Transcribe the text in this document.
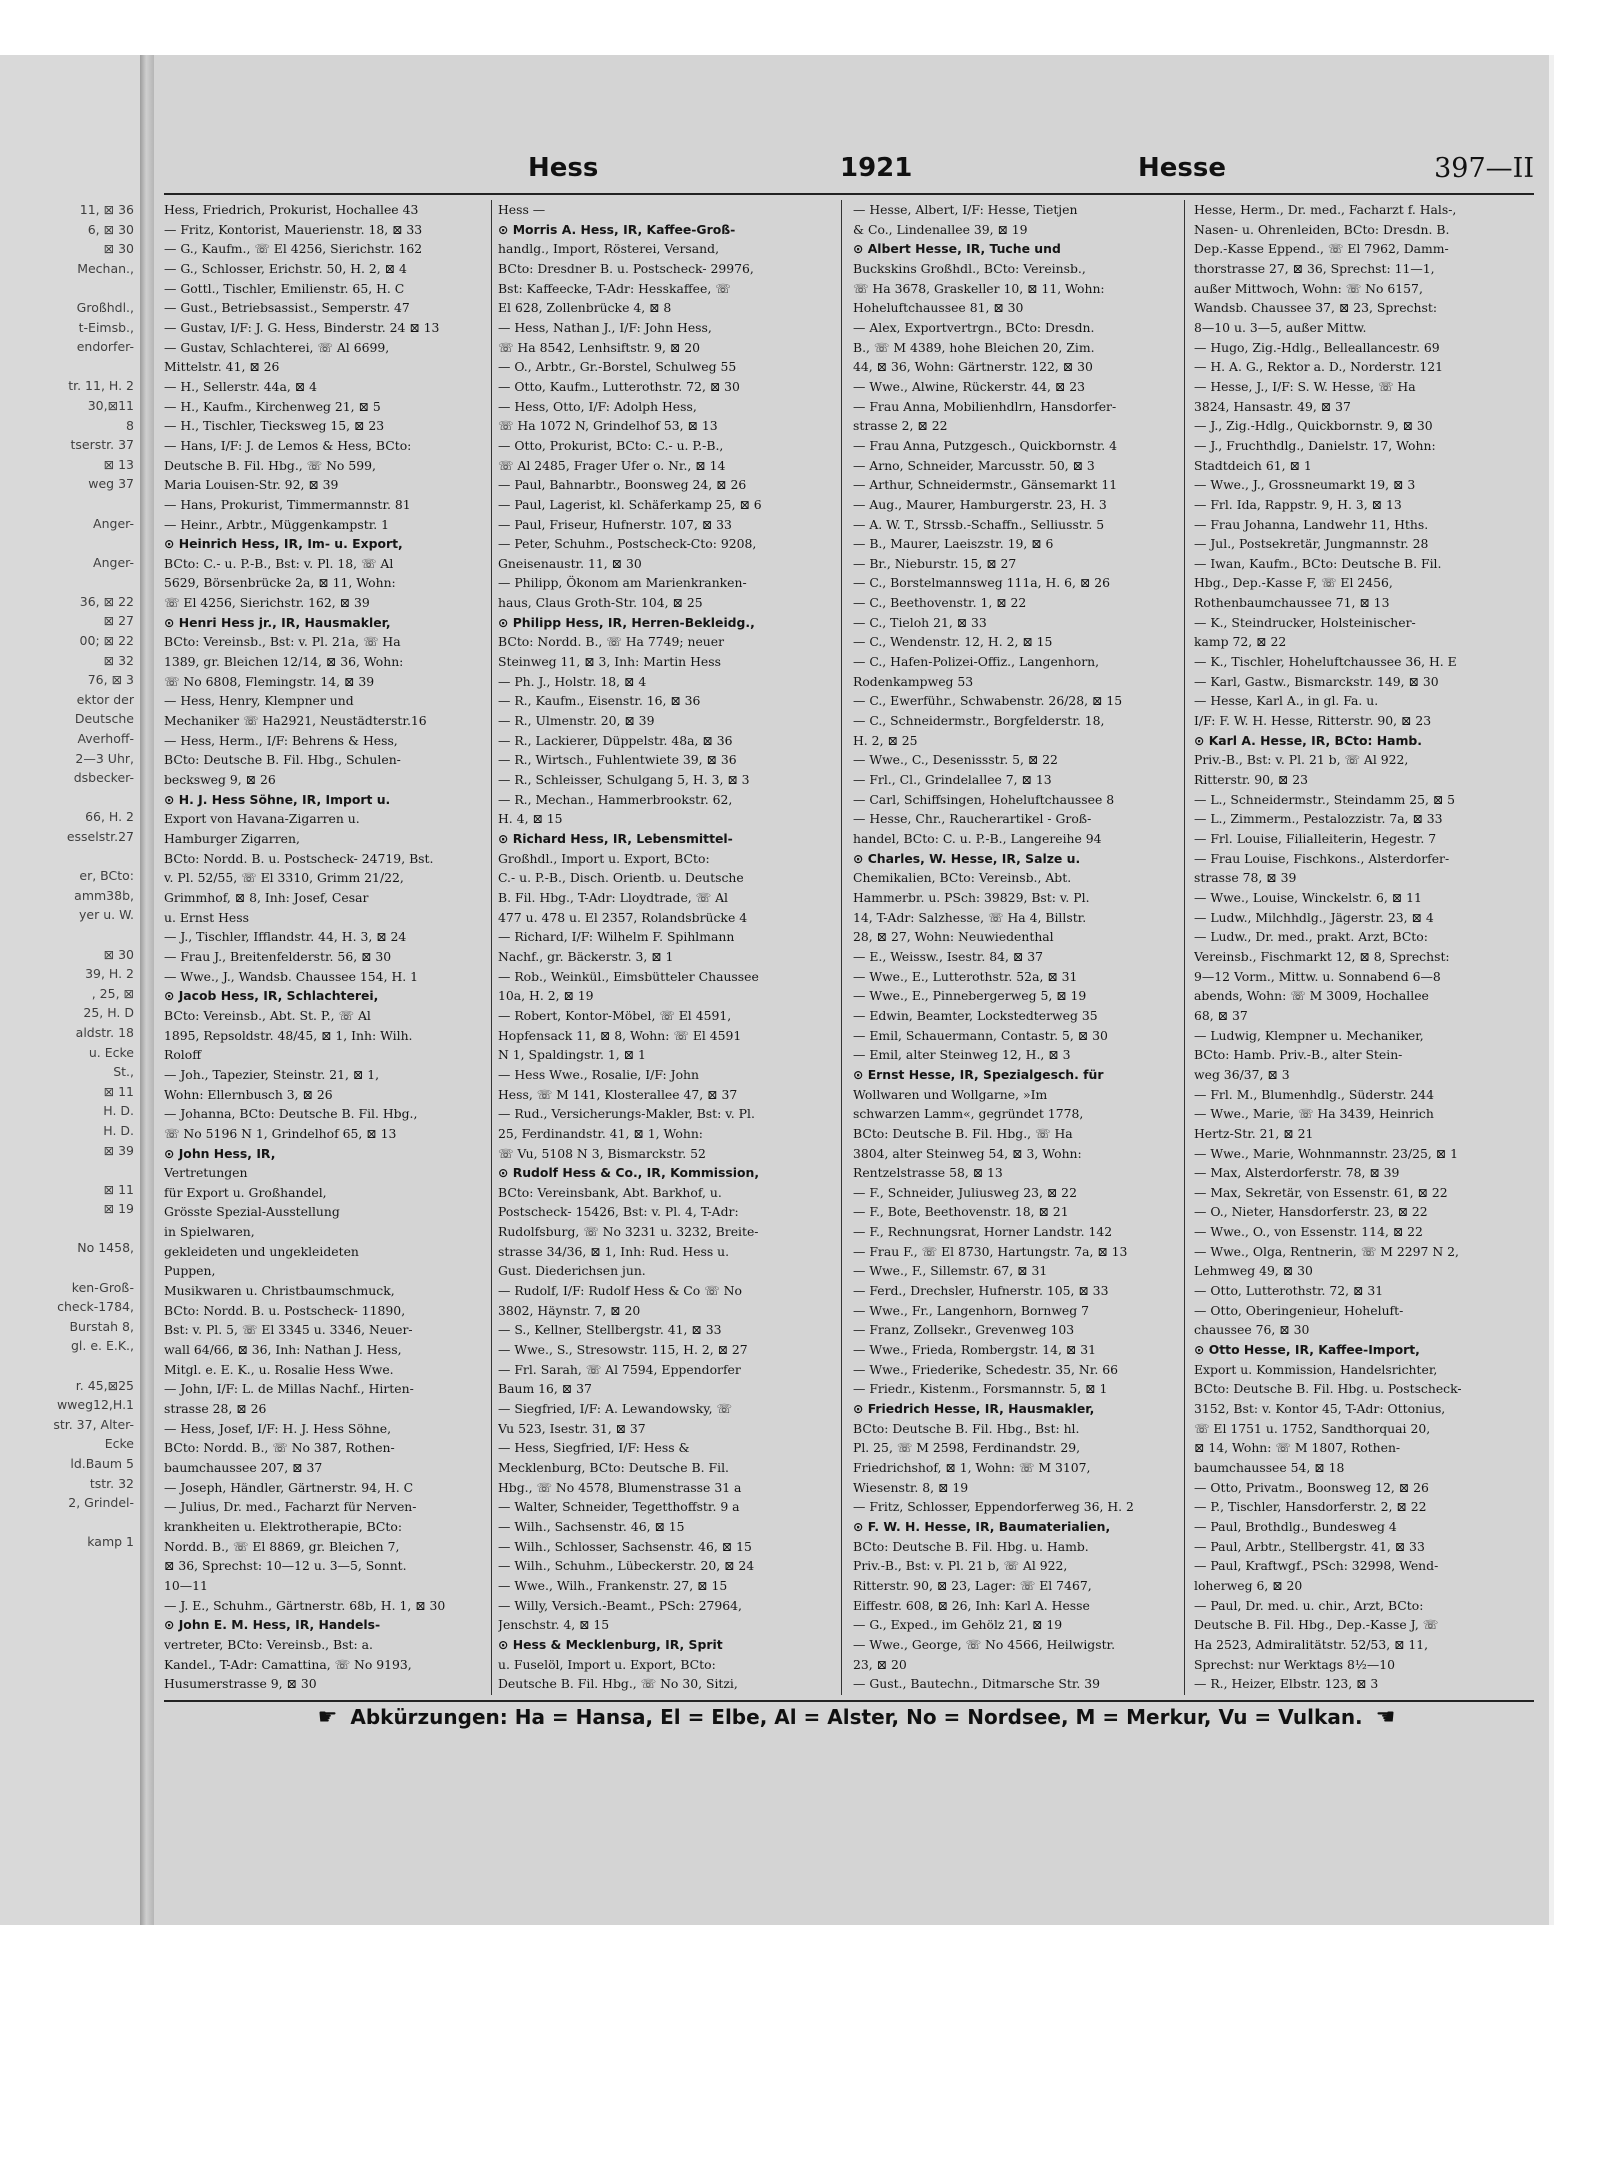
11, ⊠ 36
6, ⊠ 30
⊠ 30
Mechan.,

Großhdl.,
t-Eimsb.,
endorfer-

tr. 11, H. 2
30,⊠11
8
tserstr. 37
⊠ 13
weg 37

Anger-

Anger-

36, ⊠ 22
⊠ 27
00; ⊠ 22
⊠ 32
76, ⊠ 3
ektor der
Deutsche
Averhoff-
2—3 Uhr,
dsbecker-

66, H. 2
esselstr.27

er, BCto:
amm38b,
yer u. W.

⊠ 30
39, H. 2
, 25, ⊠
25, H. D
aldstr. 18
u. Ecke
St.,
⊠ 11
H. D.
H. D.
⊠ 39

⊠ 11
⊠ 19

No 1458,

ken-Groß-
check-1784,
Burstah 8,
gl. e. E.K.,

r. 45,⊠25
wweg12,H.1
str. 37, Alter-
Ecke
ld.Baum 5
tstr. 32
2, Grindel-

kamp 1
Hess	1921	Hesse	397—II
Hess, Friedrich, Prokurist, Hochallee 43
— Fritz, Kontorist, Mauerienstr. 18, ⊠ 33
— G., Kaufm., ☏ El 4256, Sierichstr. 162
— G., Schlosser, Erichstr. 50, H. 2, ⊠ 4
— Gottl., Tischler, Emilienstr. 65, H. C
— Gust., Betriebsassist., Semperstr. 47
— Gustav, I/F: J. G. Hess, Binderstr. 24 ⊠ 13
— Gustav, Schlachterei, ☏ Al 6699,
Mittelstr. 41, ⊠ 26
— H., Sellerstr. 44a, ⊠ 4
— H., Kaufm., Kirchenweg 21, ⊠ 5
— H., Tischler, Tiecksweg 15, ⊠ 23
— Hans, I/F: J. de Lemos & Hess, BCto:
Deutsche B. Fil. Hbg., ☏ No 599,
Maria Louisen-Str. 92, ⊠ 39
— Hans, Prokurist, Timmermannstr. 81
— Heinr., Arbtr., Müggenkampstr. 1
⊙ Heinrich Hess, IR, Im- u. Export,
BCto: C.- u. P.-B., Bst: v. Pl. 18, ☏ Al
5629, Börsenbrücke 2a, ⊠ 11, Wohn:
☏ El 4256, Sierichstr. 162, ⊠ 39
⊙ Henri Hess jr., IR, Hausmakler,
BCto: Vereinsb., Bst: v. Pl. 21a, ☏ Ha
1389, gr. Bleichen 12/14, ⊠ 36, Wohn:
☏ No 6808, Flemingstr. 14, ⊠ 39
— Hess, Henry, Klempner und
Mechaniker ☏ Ha2921, Neustädterstr.16
— Hess, Herm., I/F: Behrens & Hess,
BCto: Deutsche B. Fil. Hbg., Schulen-
becksweg 9, ⊠ 26
⊙ H. J. Hess Söhne, IR, Import u.
Export von Havana-Zigarren u.
Hamburger Zigarren,
BCto: Nordd. B. u. Postscheck- 24719, Bst.
v. Pl. 52/55, ☏ El 3310, Grimm 21/22,
Grimmhof, ⊠ 8, Inh: Josef, Cesar
u. Ernst Hess
— J., Tischler, Ifflandstr. 44, H. 3, ⊠ 24
— Frau J., Breitenfelderstr. 56, ⊠ 30
— Wwe., J., Wandsb. Chaussee 154, H. 1
⊙ Jacob Hess, IR, Schlachterei,
BCto: Vereinsb., Abt. St. P., ☏ Al
1895, Repsoldstr. 48/45, ⊠ 1, Inh: Wilh.
Roloff
— Joh., Tapezier, Steinstr. 21, ⊠ 1,
Wohn: Ellernbusch 3, ⊠ 26
— Johanna, BCto: Deutsche B. Fil. Hbg.,
☏ No 5196 N 1, Grindelhof 65, ⊠ 13
⊙ John Hess, IR,
Vertretungen
für Export u. Großhandel,
Grösste Spezial-Ausstellung
in Spielwaren,
gekleideten und ungekleideten
Puppen,
Musikwaren u. Christbaumschmuck,
BCto: Nordd. B. u. Postscheck- 11890,
Bst: v. Pl. 5, ☏ El 3345 u. 3346, Neuer-
wall 64/66, ⊠ 36, Inh: Nathan J. Hess,
Mitgl. e. E. K., u. Rosalie Hess Wwe.
— John, I/F: L. de Millas Nachf., Hirten-
strasse 28, ⊠ 26
— Hess, Josef, I/F: H. J. Hess Söhne,
BCto: Nordd. B., ☏ No 387, Rothen-
baumchaussee 207, ⊠ 37
— Joseph, Händler, Gärtnerstr. 94, H. C
— Julius, Dr. med., Facharzt für Nerven-
krankheiten u. Elektrotherapie, BCto:
Nordd. B., ☏ El 8869, gr. Bleichen 7,
⊠ 36, Sprechst: 10—12 u. 3—5, Sonnt.
10—11
— J. E., Schuhm., Gärtnerstr. 68b, H. 1, ⊠ 30
⊙ John E. M. Hess, IR, Handels-
vertreter, BCto: Vereinsb., Bst: a.
Kandel., T-Adr: Camattina, ☏ No 9193,
Husumerstrasse 9, ⊠ 30
Hess —
⊙ Morris A. Hess, IR, Kaffee-Groß-
handlg., Import, Rösterei, Versand,
BCto: Dresdner B. u. Postscheck- 29976,
Bst: Kaffeecke, T-Adr: Hesskaffee, ☏
El 628, Zollenbrücke 4, ⊠ 8
— Hess, Nathan J., I/F: John Hess,
☏ Ha 8542, Lenhsiftstr. 9, ⊠ 20
— O., Arbtr., Gr.-Borstel, Schulweg 55
— Otto, Kaufm., Lutterothstr. 72, ⊠ 30
— Hess, Otto, I/F: Adolph Hess,
☏ Ha 1072 N, Grindelhof 53, ⊠ 13
— Otto, Prokurist, BCto: C.- u. P.-B.,
☏ Al 2485, Frager Ufer o. Nr., ⊠ 14
— Paul, Bahnarbtr., Boonsweg 24, ⊠ 26
— Paul, Lagerist, kl. Schäferkamp 25, ⊠ 6
— Paul, Friseur, Hufnerstr. 107, ⊠ 33
— Peter, Schuhm., Postscheck-Cto: 9208,
Gneisenaustr. 11, ⊠ 30
— Philipp, Ökonom am Marienkranken-
haus, Claus Groth-Str. 104, ⊠ 25
⊙ Philipp Hess, IR, Herren-Bekleidg.,
BCto: Nordd. B., ☏ Ha 7749; neuer
Steinweg 11, ⊠ 3, Inh: Martin Hess
— Ph. J., Holstr. 18, ⊠ 4
— R., Kaufm., Eisenstr. 16, ⊠ 36
— R., Ulmenstr. 20, ⊠ 39
— R., Lackierer, Düppelstr. 48a, ⊠ 36
— R., Wirtsch., Fuhlentwiete 39, ⊠ 36
— R., Schleisser, Schulgang 5, H. 3, ⊠ 3
— R., Mechan., Hammerbrookstr. 62,
H. 4, ⊠ 15
⊙ Richard Hess, IR, Lebensmittel-
Großhdl., Import u. Export, BCto:
C.- u. P.-B., Disch. Orientb. u. Deutsche
B. Fil. Hbg., T-Adr: Lloydtrade, ☏ Al
477 u. 478 u. El 2357, Rolandsbrücke 4
— Richard, I/F: Wilhelm F. Spihlmann
Nachf., gr. Bäckerstr. 3, ⊠ 1
— Rob., Weinkül., Eimsbütteler Chaussee
10a, H. 2, ⊠ 19
— Robert, Kontor-Möbel, ☏ El 4591,
Hopfensack 11, ⊠ 8, Wohn: ☏ El 4591
N 1, Spaldingstr. 1, ⊠ 1
— Hess Wwe., Rosalie, I/F: John
Hess, ☏ M 141, Klosterallee 47, ⊠ 37
— Rud., Versicherungs-Makler, Bst: v. Pl.
25, Ferdinandstr. 41, ⊠ 1, Wohn:
☏ Vu, 5108 N 3, Bismarckstr. 52
⊙ Rudolf Hess & Co., IR, Kommission,
BCto: Vereinsbank, Abt. Barkhof, u.
Postscheck- 15426, Bst: v. Pl. 4, T-Adr:
Rudolfsburg, ☏ No 3231 u. 3232, Breite-
strasse 34/36, ⊠ 1, Inh: Rud. Hess u.
Gust. Diederichsen jun.
— Rudolf, I/F: Rudolf Hess & Co ☏ No
3802, Häynstr. 7, ⊠ 20
— S., Kellner, Stellbergstr. 41, ⊠ 33
— Wwe., S., Stresowstr. 115, H. 2, ⊠ 27
— Frl. Sarah, ☏ Al 7594, Eppendorfer
Baum 16, ⊠ 37
— Siegfried, I/F: A. Lewandowsky, ☏
Vu 523, Isestr. 31, ⊠ 37
— Hess, Siegfried, I/F: Hess &
Mecklenburg, BCto: Deutsche B. Fil.
Hbg., ☏ No 4578, Blumenstrasse 31 a
— Walter, Schneider, Tegetthoffstr. 9 a
— Wilh., Sachsenstr. 46, ⊠ 15
— Wilh., Schlosser, Sachsenstr. 46, ⊠ 15
— Wilh., Schuhm., Lübeckerstr. 20, ⊠ 24
— Wwe., Wilh., Frankenstr. 27, ⊠ 15
— Willy, Versich.-Beamt., PSch: 27964,
Jenschstr. 4, ⊠ 15
⊙ Hess & Mecklenburg, IR, Sprit
u. Fuselöl, Import u. Export, BCto:
Deutsche B. Fil. Hbg., ☏ No 30, Sitzi,
— Hesse, Albert, I/F: Hesse, Tietjen
& Co., Lindenallee 39, ⊠ 19
⊙ Albert Hesse, IR, Tuche und
Buckskins Großhdl., BCto: Vereinsb.,
☏ Ha 3678, Graskeller 10, ⊠ 11, Wohn:
Hoheluftchaussee 81, ⊠ 30
— Alex, Exportvertrgn., BCto: Dresdn.
B., ☏ M 4389, hohe Bleichen 20, Zim.
44, ⊠ 36, Wohn: Gärtnerstr. 122, ⊠ 30
— Wwe., Alwine, Rückerstr. 44, ⊠ 23
— Frau Anna, Mobilienhdlrn, Hansdorfer-
strasse 2, ⊠ 22
— Frau Anna, Putzgesch., Quickbornstr. 4
— Arno, Schneider, Marcusstr. 50, ⊠ 3
— Arthur, Schneidermstr., Gänsemarkt 11
— Aug., Maurer, Hamburgerstr. 23, H. 3
— A. W. T., Strssb.-Schaffn., Selliusstr. 5
— B., Maurer, Laeiszstr. 19, ⊠ 6
— Br., Nieburstr. 15, ⊠ 27
— C., Borstelmannsweg 111a, H. 6, ⊠ 26
— C., Beethovenstr. 1, ⊠ 22
— C., Tieloh 21, ⊠ 33
— C., Wendenstr. 12, H. 2, ⊠ 15
— C., Hafen-Polizei-Offiz., Langenhorn,
Rodenkampweg 53
— C., Ewerführ., Schwabenstr. 26/28, ⊠ 15
— C., Schneidermstr., Borgfelderstr. 18,
H. 2, ⊠ 25
— Wwe., C., Desenissstr. 5, ⊠ 22
— Frl., Cl., Grindelallee 7, ⊠ 13
— Carl, Schiffsingen, Hoheluftchaussee 8
— Hesse, Chr., Raucherartikel - Groß-
handel, BCto: C. u. P.-B., Langereihe 94
⊙ Charles, W. Hesse, IR, Salze u.
Chemikalien, BCto: Vereinsb., Abt.
Hammerbr. u. PSch: 39829, Bst: v. Pl.
14, T-Adr: Salzhesse, ☏ Ha 4, Billstr.
28, ⊠ 27, Wohn: Neuwiedenthal
— E., Weissw., Isestr. 84, ⊠ 37
— Wwe., E., Lutterothstr. 52a, ⊠ 31
— Wwe., E., Pinnebergerweg 5, ⊠ 19
— Edwin, Beamter, Lockstedterweg 35
— Emil, Schauermann, Contastr. 5, ⊠ 30
— Emil, alter Steinweg 12, H., ⊠ 3
⊙ Ernst Hesse, IR, Spezialgesch. für
Wollwaren und Wollgarne, »Im
schwarzen Lamm«, gegründet 1778,
BCto: Deutsche B. Fil. Hbg., ☏ Ha
3804, alter Steinweg 54, ⊠ 3, Wohn:
Rentzelstrasse 58, ⊠ 13
— F., Schneider, Juliusweg 23, ⊠ 22
— F., Bote, Beethovenstr. 18, ⊠ 21
— F., Rechnungsrat, Horner Landstr. 142
— Frau F., ☏ El 8730, Hartungstr. 7a, ⊠ 13
— Wwe., F., Sillemstr. 67, ⊠ 31
— Ferd., Drechsler, Hufnerstr. 105, ⊠ 33
— Wwe., Fr., Langenhorn, Bornweg 7
— Franz, Zollsekr., Grevenweg 103
— Wwe., Frieda, Rombergstr. 14, ⊠ 31
— Wwe., Friederike, Schedestr. 35, Nr. 66
— Friedr., Kistenm., Forsmannstr. 5, ⊠ 1
⊙ Friedrich Hesse, IR, Hausmakler,
BCto: Deutsche B. Fil. Hbg., Bst: hl.
Pl. 25, ☏ M 2598, Ferdinandstr. 29,
Friedrichshof, ⊠ 1, Wohn: ☏ M 3107,
Wiesenstr. 8, ⊠ 19
— Fritz, Schlosser, Eppendorferweg 36, H. 2
⊙ F. W. H. Hesse, IR, Baumaterialien,
BCto: Deutsche B. Fil. Hbg. u. Hamb.
Priv.-B., Bst: v. Pl. 21 b, ☏ Al 922,
Ritterstr. 90, ⊠ 23, Lager: ☏ El 7467,
Eiffestr. 608, ⊠ 26, Inh: Karl A. Hesse
— G., Exped., im Gehölz 21, ⊠ 19
— Wwe., George, ☏ No 4566, Heilwigstr.
23, ⊠ 20
— Gust., Bautechn., Ditmarsche Str. 39
Hesse, Herm., Dr. med., Facharzt f. Hals-,
Nasen- u. Ohrenleiden, BCto: Dresdn. B.
Dep.-Kasse Eppend., ☏ El 7962, Damm-
thorstrasse 27, ⊠ 36, Sprechst: 11—1,
außer Mittwoch, Wohn: ☏ No 6157,
Wandsb. Chaussee 37, ⊠ 23, Sprechst:
8—10 u. 3—5, außer Mittw.
— Hugo, Zig.-Hdlg., Belleallancestr. 69
— H. A. G., Rektor a. D., Norderstr. 121
— Hesse, J., I/F: S. W. Hesse, ☏ Ha
3824, Hansastr. 49, ⊠ 37
— J., Zig.-Hdlg., Quickbornstr. 9, ⊠ 30
— J., Fruchthdlg., Danielstr. 17, Wohn:
Stadtdeich 61, ⊠ 1
— Wwe., J., Grossneumarkt 19, ⊠ 3
— Frl. Ida, Rappstr. 9, H. 3, ⊠ 13
— Frau Johanna, Landwehr 11, Hths.
— Jul., Postsekretär, Jungmannstr. 28
— Iwan, Kaufm., BCto: Deutsche B. Fil.
Hbg., Dep.-Kasse F, ☏ El 2456,
Rothenbaumchaussee 71, ⊠ 13
— K., Steindrucker, Holsteinischer-
kamp 72, ⊠ 22
— K., Tischler, Hoheluftchaussee 36, H. E
— Karl, Gastw., Bismarckstr. 149, ⊠ 30
— Hesse, Karl A., in gl. Fa. u.
I/F: F. W. H. Hesse, Ritterstr. 90, ⊠ 23
⊙ Karl A. Hesse, IR, BCto: Hamb.
Priv.-B., Bst: v. Pl. 21 b, ☏ Al 922,
Ritterstr. 90, ⊠ 23
— L., Schneidermstr., Steindamm 25, ⊠ 5
— L., Zimmerm., Pestalozzistr. 7a, ⊠ 33
— Frl. Louise, Filialleiterin, Hegestr. 7
— Frau Louise, Fischkons., Alsterdorfer-
strasse 78, ⊠ 39
— Wwe., Louise, Winckelstr. 6, ⊠ 11
— Ludw., Milchhdlg., Jägerstr. 23, ⊠ 4
— Ludw., Dr. med., prakt. Arzt, BCto:
Vereinsb., Fischmarkt 12, ⊠ 8, Sprechst:
9—12 Vorm., Mittw. u. Sonnabend 6—8
abends, Wohn: ☏ M 3009, Hochallee
68, ⊠ 37
— Ludwig, Klempner u. Mechaniker,
BCto: Hamb. Priv.-B., alter Stein-
weg 36/37, ⊠ 3
— Frl. M., Blumenhdlg., Süderstr. 244
— Wwe., Marie, ☏ Ha 3439, Heinrich
Hertz-Str. 21, ⊠ 21
— Wwe., Marie, Wohnmannstr. 23/25, ⊠ 1
— Max, Alsterdorferstr. 78, ⊠ 39
— Max, Sekretär, von Essenstr. 61, ⊠ 22
— O., Nieter, Hansdorferstr. 23, ⊠ 22
— Wwe., O., von Essenstr. 114, ⊠ 22
— Wwe., Olga, Rentnerin, ☏ M 2297 N 2,
Lehmweg 49, ⊠ 30
— Otto, Lutterothstr. 72, ⊠ 31
— Otto, Oberingenieur, Hoheluft-
chaussee 76, ⊠ 30
⊙ Otto Hesse, IR, Kaffee-Import,
Export u. Kommission, Handelsrichter,
BCto: Deutsche B. Fil. Hbg. u. Postscheck-
3152, Bst: v. Kontor 45, T-Adr: Ottonius,
☏ El 1751 u. 1752, Sandthorquai 20,
⊠ 14, Wohn: ☏ M 1807, Rothen-
baumchaussee 54, ⊠ 18
— Otto, Privatm., Boonsweg 12, ⊠ 26
— P., Tischler, Hansdorferstr. 2, ⊠ 22
— Paul, Brothdlg., Bundesweg 4
— Paul, Arbtr., Stellbergstr. 41, ⊠ 33
— Paul, Kraftwgf., PSch: 32998, Wend-
loherweg 6, ⊠ 20
— Paul, Dr. med. u. chir., Arzt, BCto:
Deutsche B. Fil. Hbg., Dep.-Kasse J, ☏
Ha 2523, Admiralitätstr. 52/53, ⊠ 11,
Sprechst: nur Werktags 8½—10
— R., Heizer, Elbstr. 123, ⊠ 3
☛ Abkürzungen: Ha = Hansa, El = Elbe, Al = Alster, No = Nordsee, M = Merkur, Vu = Vulkan. ☚
